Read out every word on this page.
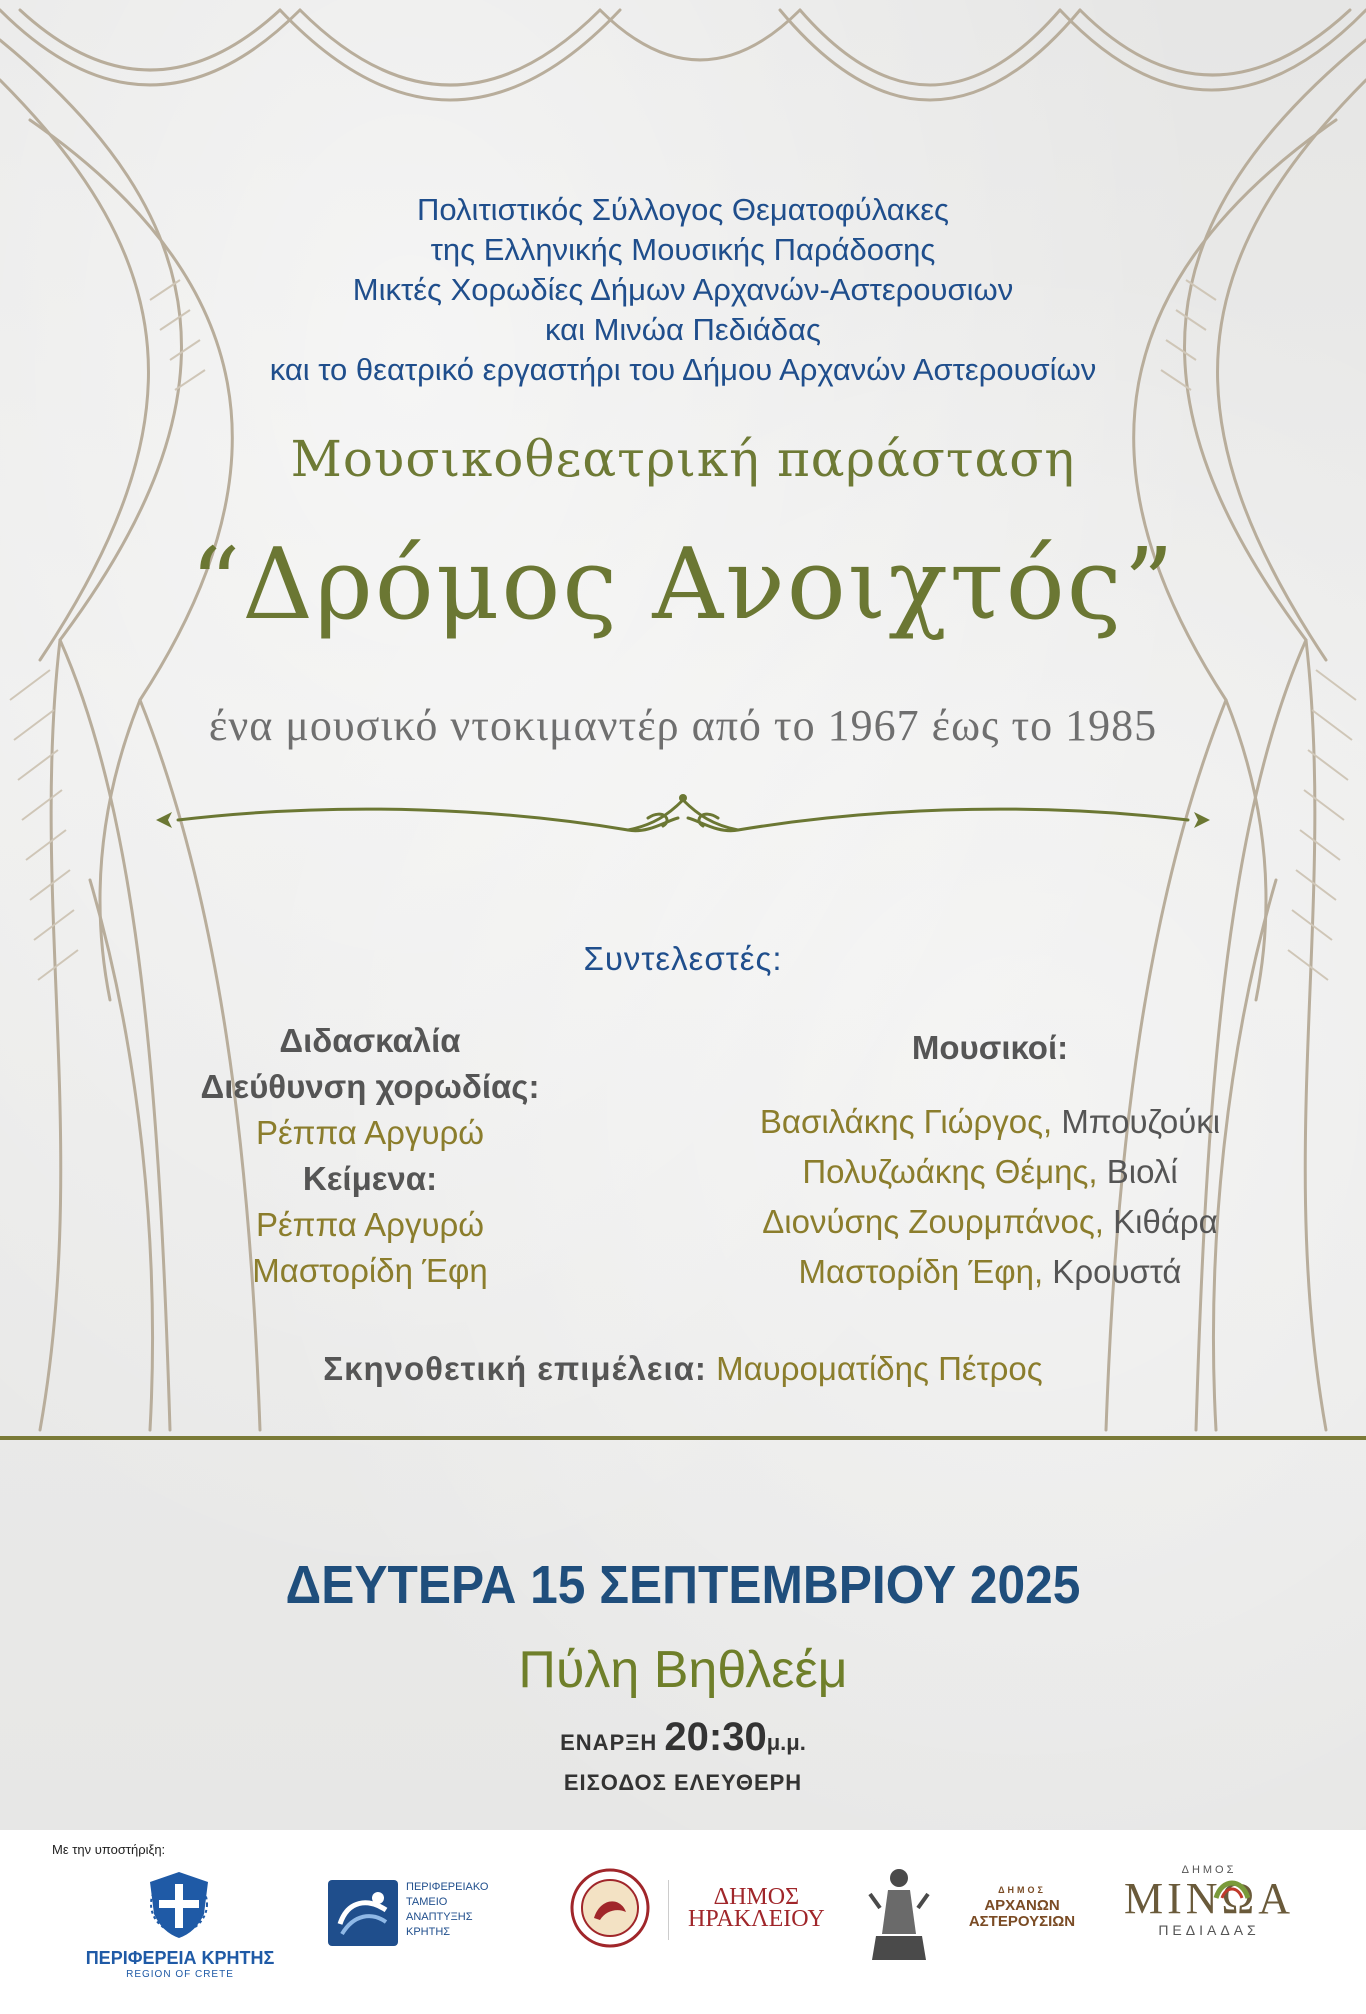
Πολιτιστικός Σύλλογος Θεματοφύλακες
της Ελληνικής Μουσικής Παράδοσης
Μικτές Χορωδίες Δήμων Αρχανών-Αστερουσιων
και Μινώα Πεδιάδας
και το θεατρικό εργαστήρι του Δήμου Αρχανών Αστερουσίων
Μουσικοθεατρική παράσταση
“Δρόμος Ανοιχτός”
ένα μουσικό ντοκιμαντέρ από το 1967 έως το 1985
Συντελεστές:
Διδασκαλία
Διεύθυνση χορωδίας:
Ρέππα Αργυρώ
Κείμενα:
Ρέππα Αργυρώ
Μαστορίδη Έφη
Μουσικοί:
Βασιλάκης Γιώργος, Μπουζούκι
Πολυζωάκης Θέμης, Βιολί
Διονύσης Ζουρμπάνος, Κιθάρα
Μαστορίδη Έφη, Κρουστά
Σκηνοθετική επιμέλεια: Μαυροματίδης Πέτρος
ΔΕΥΤΕΡΑ 15 ΣΕΠΤΕΜΒΡΙΟΥ 2025
Πύλη Βηθλεέμ
ΕΝΑΡΞΗ 20:30μ.μ.
ΕΙΣΟΔΟΣ ΕΛΕΥΘΕΡΗ
Με την υποστήριξη:
ΠΕΡΙΦΕΡΕΙΑ ΚΡΗΤΗΣ
REGION OF CRETE
ΠΕΡΙΦΕΡΕΙΑΚΟ
ΤΑΜΕΙΟ
ΑΝΑΠΤΥΞΗΣ
ΚΡΗΤΗΣ
ΔΗΜΟΣ
ΗΡΑΚΛΕΙΟΥ
ΔΗΜΟΣ
ΑΡΧΑΝΩΝ
ΑΣΤΕΡΟΥΣΙΩΝ
ΔΗΜΟΣ
ΜΙΝΩΑ
ΠΕΔΙΑΔΑΣ
